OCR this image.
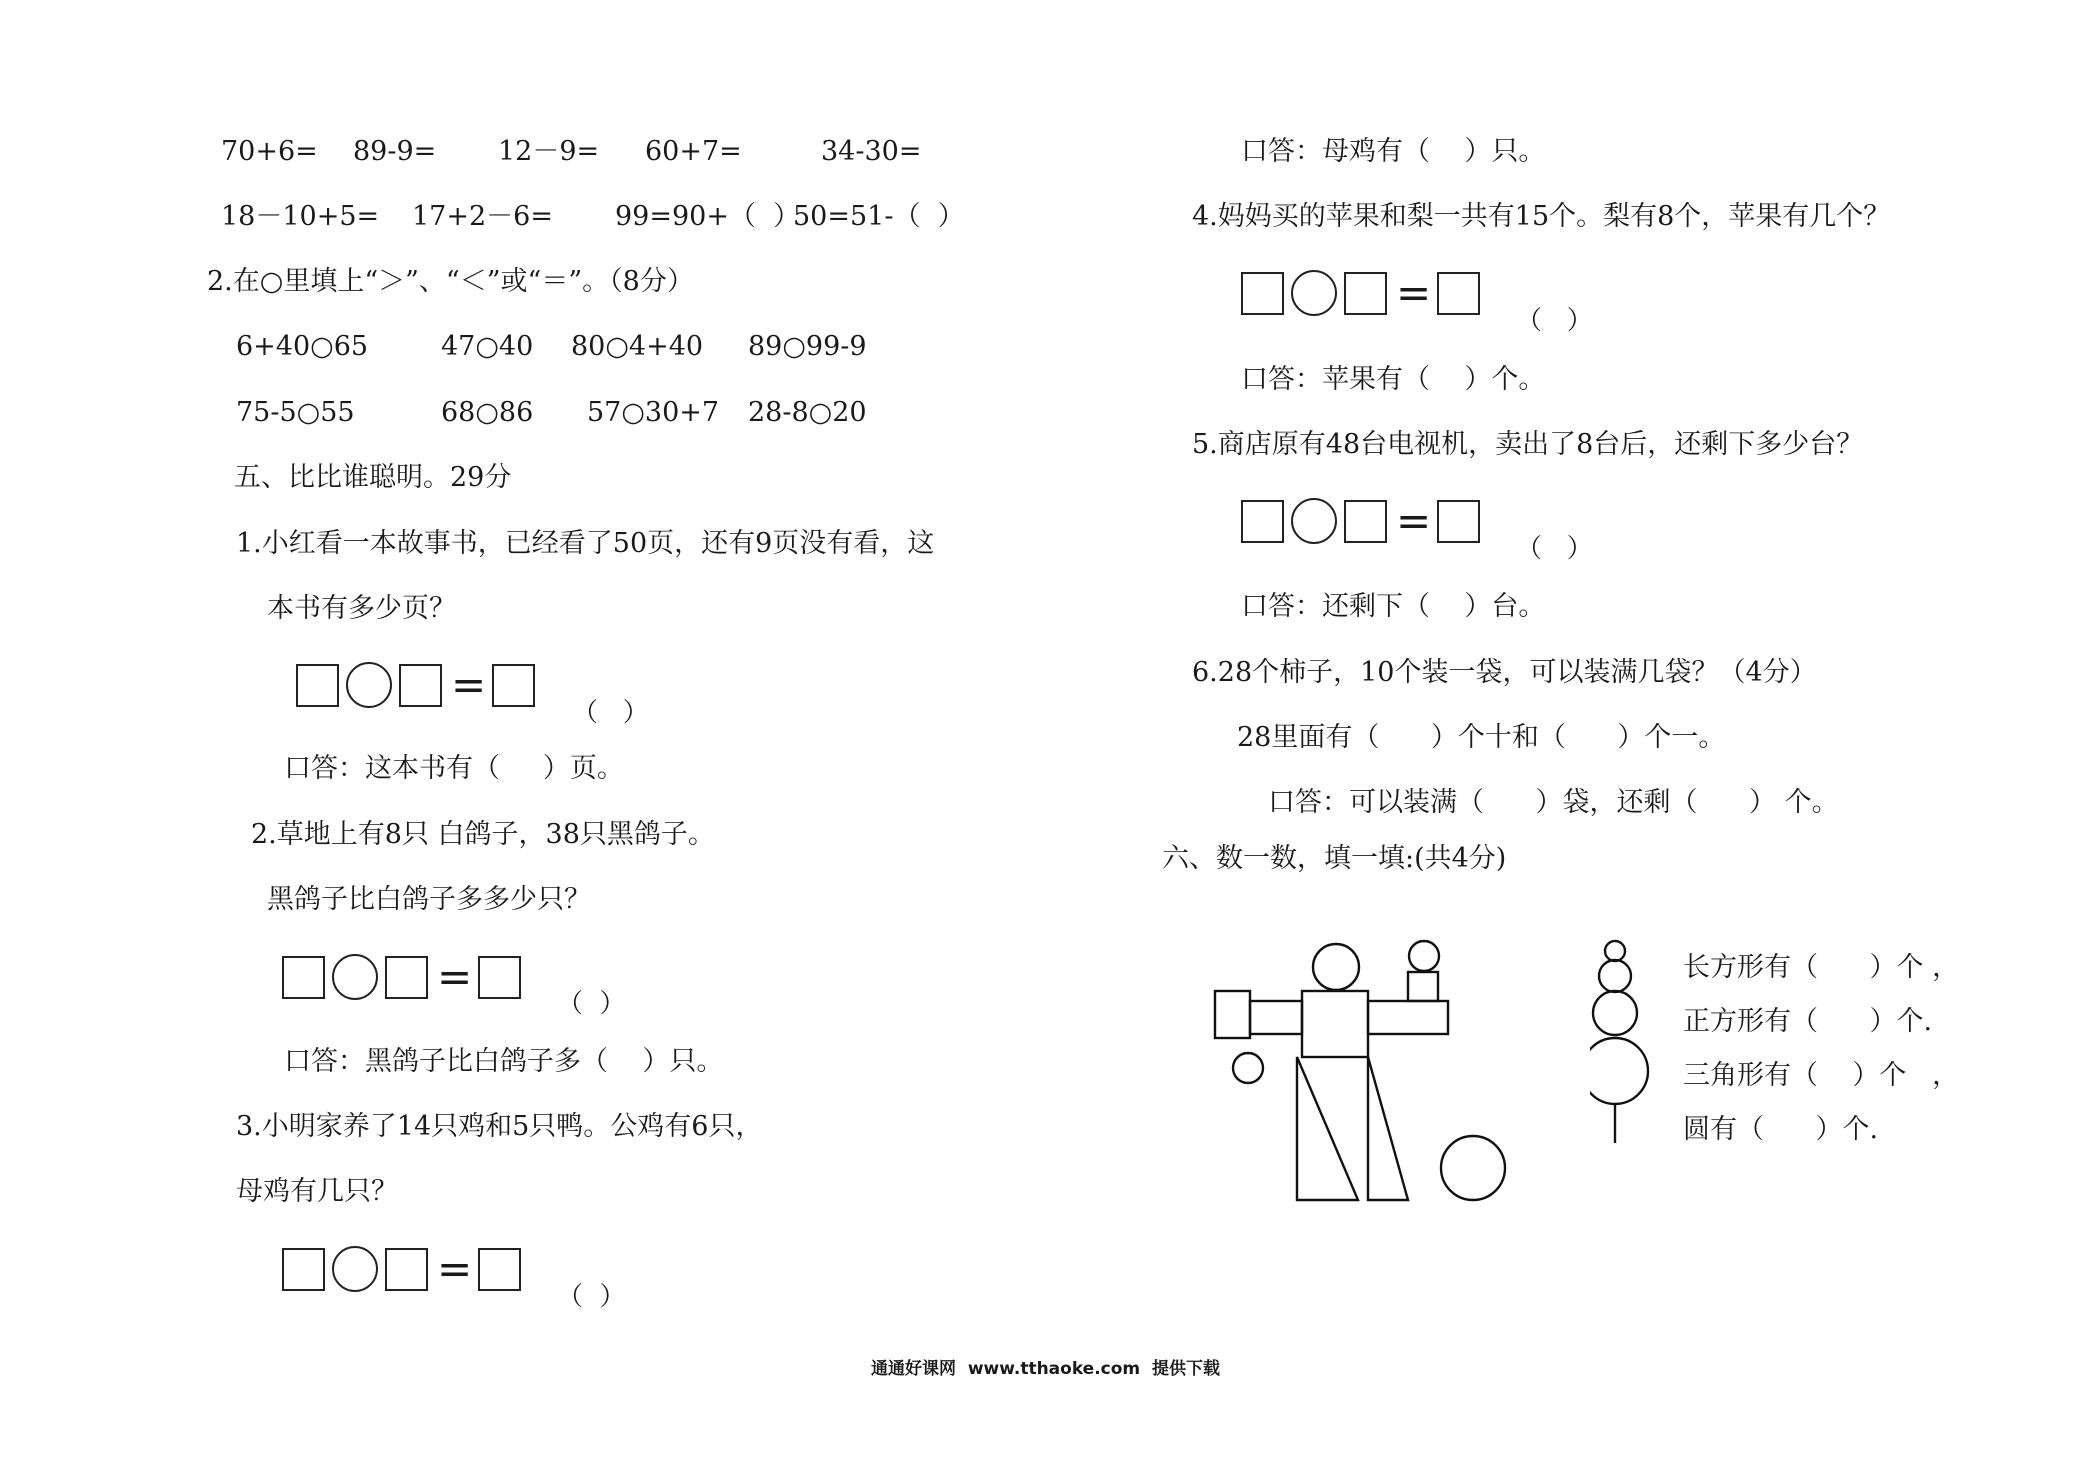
70+6= 89-9= 12－9= 60+7=	34-30=
18－10+5= 17+2－6= 99=90+（  ）
50=51-（  ）
2.在○里填上“＞”、“＜”或“＝”。（8分）
6+40○65	47○40 80○4+40 89○99-9
75-5○55	68○86 57○30+7 28-8○20
五、比比谁聪明。29分
1.小红看一本故事书，已经看了50页，还有9页没有看，这
本书有多少页？
=
（   ）
口答：这本书有（     ）页。
2.草地上有8只 白鸽子，38只黑鸽子。
黑鸽子比白鸽子多多少只？
=
（  ）
口答：黑鸽子比白鸽子多（    ）只。
3.小明家养了14只鸡和5只鸭。公鸡有6只，
母鸡有几只？
=
（  ）
口答：母鸡有（    ）只。
4.妈妈买的苹果和梨一共有15个。梨有8个，苹果有几个？
=
（   ）
口答：苹果有（    ）个。
5.商店原有48台电视机，卖出了8台后，还剩下多少台？
=
（   ）
口答：还剩下（    ）台。
6.28个柿子，10个装一袋，可以装满几袋？（4分）
28里面有（      ）个十和（      ）个一。
口答：可以装满（      ）袋，还剩（      ） 个。
六、数一数，填一填:(共4分)
长方形有（      ）个 ，
正方形有（      ）个.
三角形有（    ）个   ，
圆有（      ）个.
通通好课网  www.tthaoke.com  提供下载
